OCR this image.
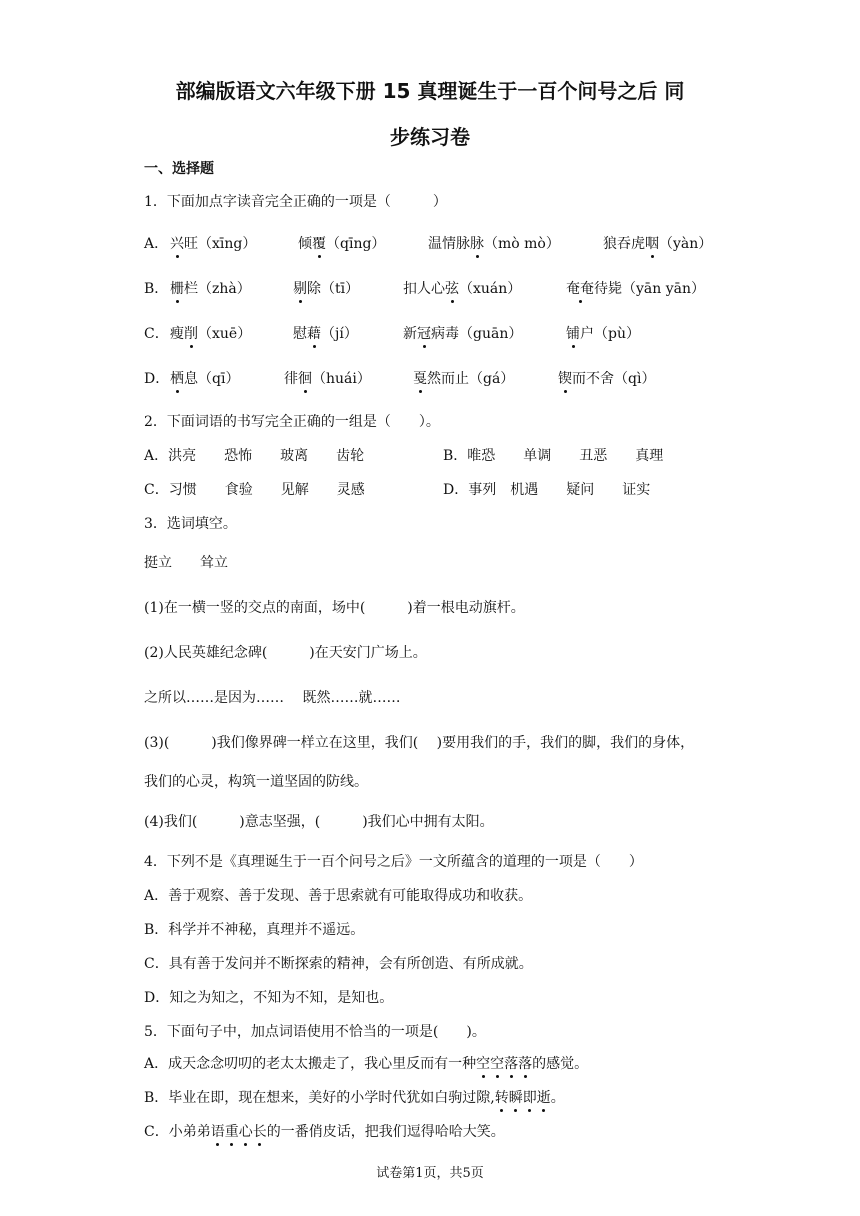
部编版语文六年级下册 15 真理诞生于一百个问号之后 同
步练习卷
一、选择题
1．下面加点字读音完全正确的一项是（　　　）
A． 兴旺（xīng）	倾覆（qīng）	温情脉脉（mò mò）	狼吞虎咽（yàn）
B． 栅栏（zhà）	剔除（tī）	扣人心弦（xuán）	奄奄待毙（yān yān）
C． 瘦削（xuē）	慰藉（jí）	新冠病毒（guān）	铺户（pù）
D． 栖息（qī）	徘徊（huái）	戛然而止（gá）	锲而不舍（qì）
2．下面词语的书写完全正确的一组是（　　）。
A．洪亮　　恐怖　　玻离　　齿轮	B．唯恐　　单调　　丑恶　　真理
C．习惯　　食验　　见解　　灵感	D．事列　机遇　　疑问　　证实
3．选词填空。
挺立　　耸立
(1)在一横一竖的交点的南面，场中(　　　)着一根电动旗杆。
(2)人民英雄纪念碑(　　　)在天安门广场上。
之所以……是因为……　 既然……就……
(3)(　　　)我们像界碑一样立在这里，我们(　 )要用我们的手，我们的脚，我们的身体，
我们的心灵，构筑一道坚固的防线。
(4)我们(　　　)意志坚强，(　　　)我们心中拥有太阳。
4．下列不是《真理诞生于一百个问号之后》一文所蕴含的道理的一项是（　　）
A．善于观察、善于发现、善于思索就有可能取得成功和收获。
B．科学并不神秘，真理并不遥远。
C．具有善于发问并不断探索的精神，会有所创造、有所成就。
D．知之为知之，不知为不知，是知也。
5．下面句子中，加点词语使用不恰当的一项是(　　)。
A．成天念念叨叨的老太太搬走了，我心里反而有一种空空落落的感觉。
B．毕业在即，现在想来，美好的小学时代犹如白驹过隙,转瞬即逝。
C．小弟弟语重心长的一番俏皮话，把我们逗得哈哈大笑。
试卷第1页，共5页
